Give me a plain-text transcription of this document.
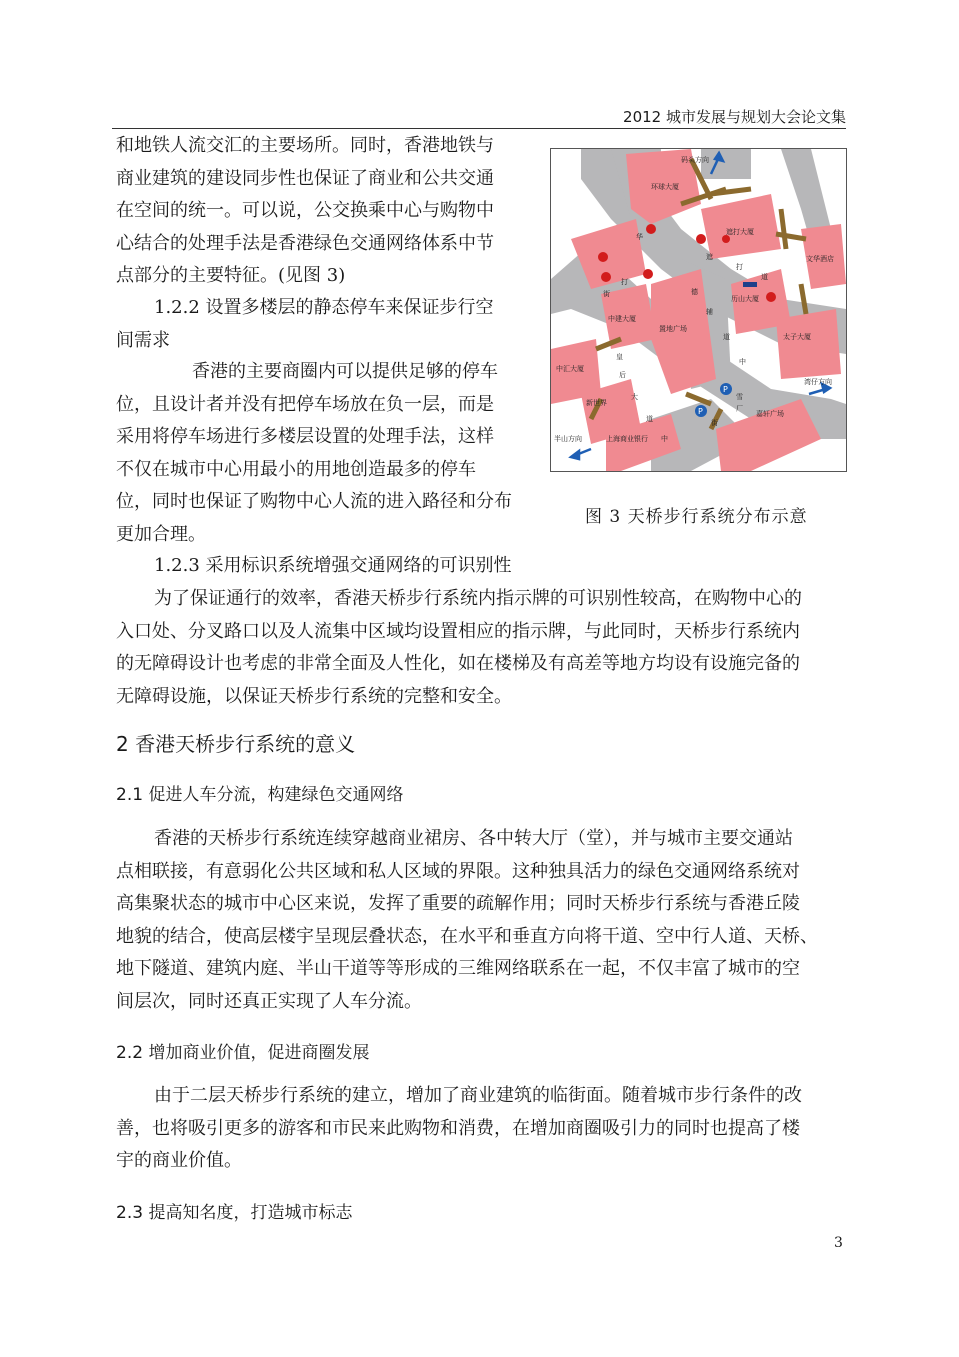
2012 城市发展与规划大会论文集

和地铁人流交汇的主要场所。同时，香港地铁与
商业建筑的建设同步性也保证了商业和公共交通
在空间的统一。可以说，公交换乘中心与购物中
心结合的处理手法是香港绿色交通网络体系中节
点部分的主要特征。(见图 3)

1.2.2 设置多楼层的静态停车来保证步行空
间需求

香港的主要商圈内可以提供足够的停车
位，且设计者并没有把停车场放在负一层，而是
采用将停车场进行多楼层设置的处理手法，这样
不仅在城市中心用最小的用地创造最多的停车
位，同时也保证了购物中心人流的进入路径和分布
更加合理。

1.2.3 采用标识系统增强交通网络的可识别性

为了保证通行的效率，香港天桥步行系统内指示牌的可识别性较高，在购物中心的
入口处、分叉路口以及人流集中区域均设置相应的指示牌，与此同时，天桥步行系统内
的无障碍设计也考虑的非常全面及人性化，如在楼梯及有高差等地方均设有设施完备的
无障碍设施，以保证天桥步行系统的完整和安全。

2 香港天桥步行系统的意义
2.1 促进人车分流，构建绿色交通网络

香港的天桥步行系统连续穿越商业裙房、各中转大厅（堂），并与城市主要交通站
点相联接，有意弱化公共区域和私人区域的界限。这种独具活力的绿色交通网络系统对
高集聚状态的城市中心区来说，发挥了重要的疏解作用；同时天桥步行系统与香港丘陵
地貌的结合，使高层楼宇呈现层叠状态，在水平和垂直方向将干道、空中行人道、天桥、
地下隧道、建筑内庭、半山干道等等形成的三维网络联系在一起，不仅丰富了城市的空
间层次，同时还真正实现了人车分流。

2.2 增加商业价值，促进商圈发展

由于二层天桥步行系统的建立，增加了商业建筑的临街面。随着城市步行条件的改
善，也将吸引更多的游客和市民来此购物和消费，在增加商圈吸引力的同时也提高了楼
宇的商业价值。

2.3 提高知名度，打造城市标志
P
P
码头方向
环球大厦
遮打大厦
文华酒店
华
打
街	德
辅
道
中
遮
打
道
历山大厦
中建大厦
置地广场
太子大厦
中汇大厦
皇
后
大
道
新世界
湾仔方向
半山方向	上海商业银行 中
嘉轩广场
雪
厂
街
图 3 天桥步行系统分布示意
3
